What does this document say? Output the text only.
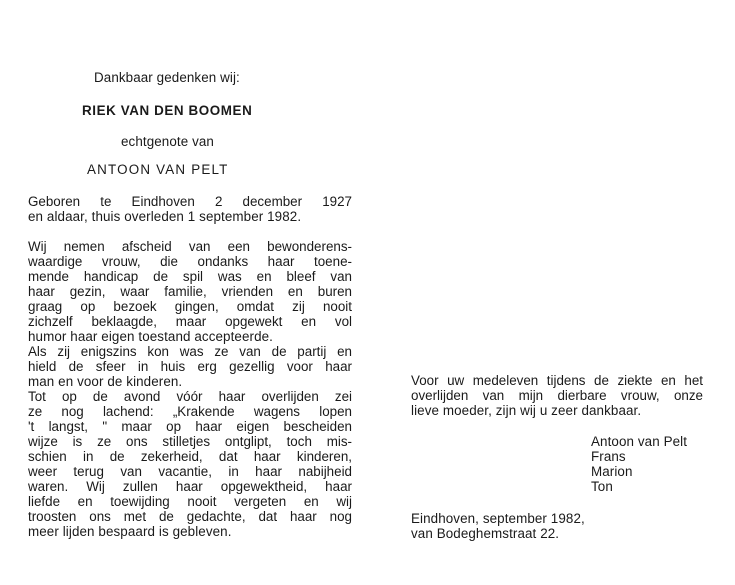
Dankbaar gedenken wij:
RIEK VAN DEN BOOMEN
echtgenote van
ANTOON VAN PELT
Geboren te Eindhoven 2 december 1927
en aldaar, thuis overleden 1 september 1982.
Wij nemen afscheid van een bewonderens-
waardige vrouw, die ondanks haar toene-
mende handicap de spil was en bleef van
haar gezin, waar familie, vrienden en buren
graag op bezoek gingen, omdat zij nooit
zichzelf beklaagde, maar opgewekt en vol
humor haar eigen toestand accepteerde.
Als zij enigszins kon was ze van de partij en
hield de sfeer in huis erg gezellig voor haar
man en voor de kinderen.
Tot op de avond vóór haar overlijden zei
ze nog lachend: „Krakende wagens lopen
't langst, " maar op haar eigen bescheiden
wijze is ze ons stilletjes ontglipt, toch mis-
schien in de zekerheid, dat haar kinderen,
weer terug van vacantie, in haar nabijheid
waren. Wij zullen haar opgewektheid, haar
liefde en toewijding nooit vergeten en wij
troosten ons met de gedachte, dat haar nog
meer lijden bespaard is gebleven.
Voor uw medeleven tijdens de ziekte en het
overlijden van mijn dierbare vrouw, onze
lieve moeder, zijn wij u zeer dankbaar.
Antoon van Pelt
Frans
Marion
Ton
Eindhoven, september 1982,
van Bodeghemstraat 22.
